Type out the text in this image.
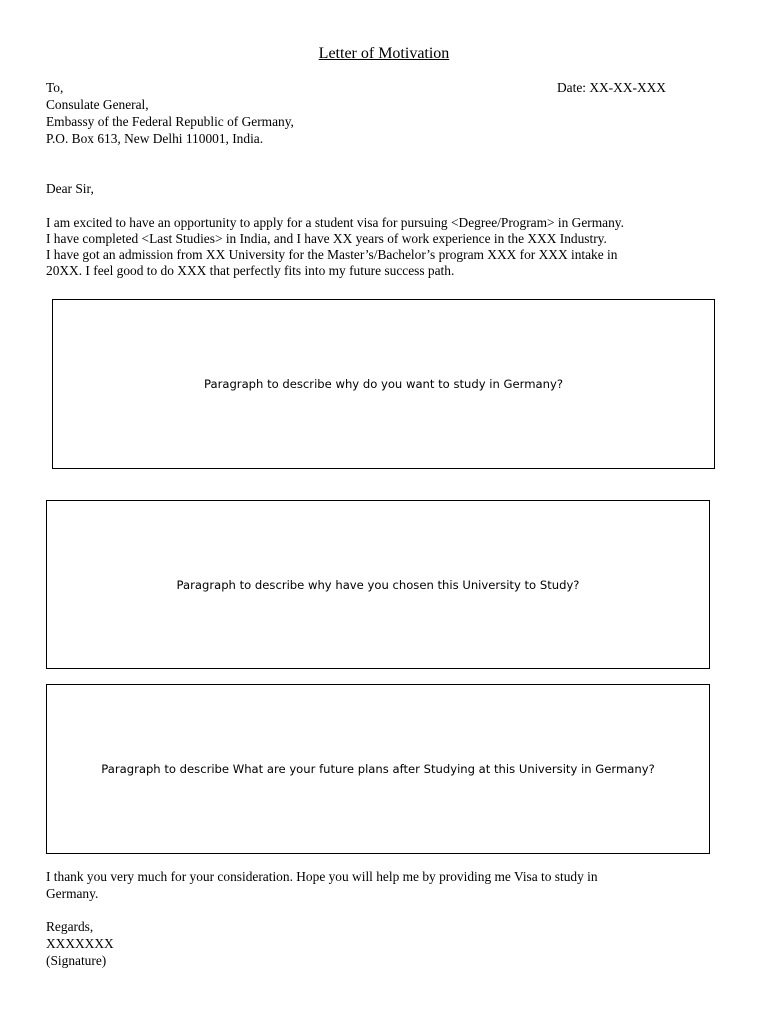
Letter of Motivation
To,
Consulate General,
Embassy of the Federal Republic of Germany,
P.O. Box 613, New Delhi 110001, India.
Date: XX-XX-XXX
Dear Sir,
I am excited to have an opportunity to apply for a student visa for pursuing <Degree/Program> in Germany.
I have completed <Last Studies> in India, and I have XX years of work experience in the XXX Industry.
I have got an admission from XX University for the Master’s/Bachelor’s program XXX for XXX intake in
20XX. I feel good to do XXX that perfectly fits into my future success path.
Paragraph to describe why do you want to study in Germany?
Paragraph to describe why have you chosen this University to Study?
Paragraph to describe What are your future plans after Studying at this University in Germany?
I thank you very much for your consideration. Hope you will help me by providing me Visa to study in
Germany.
Regards,
XXXXXXX
(Signature)
